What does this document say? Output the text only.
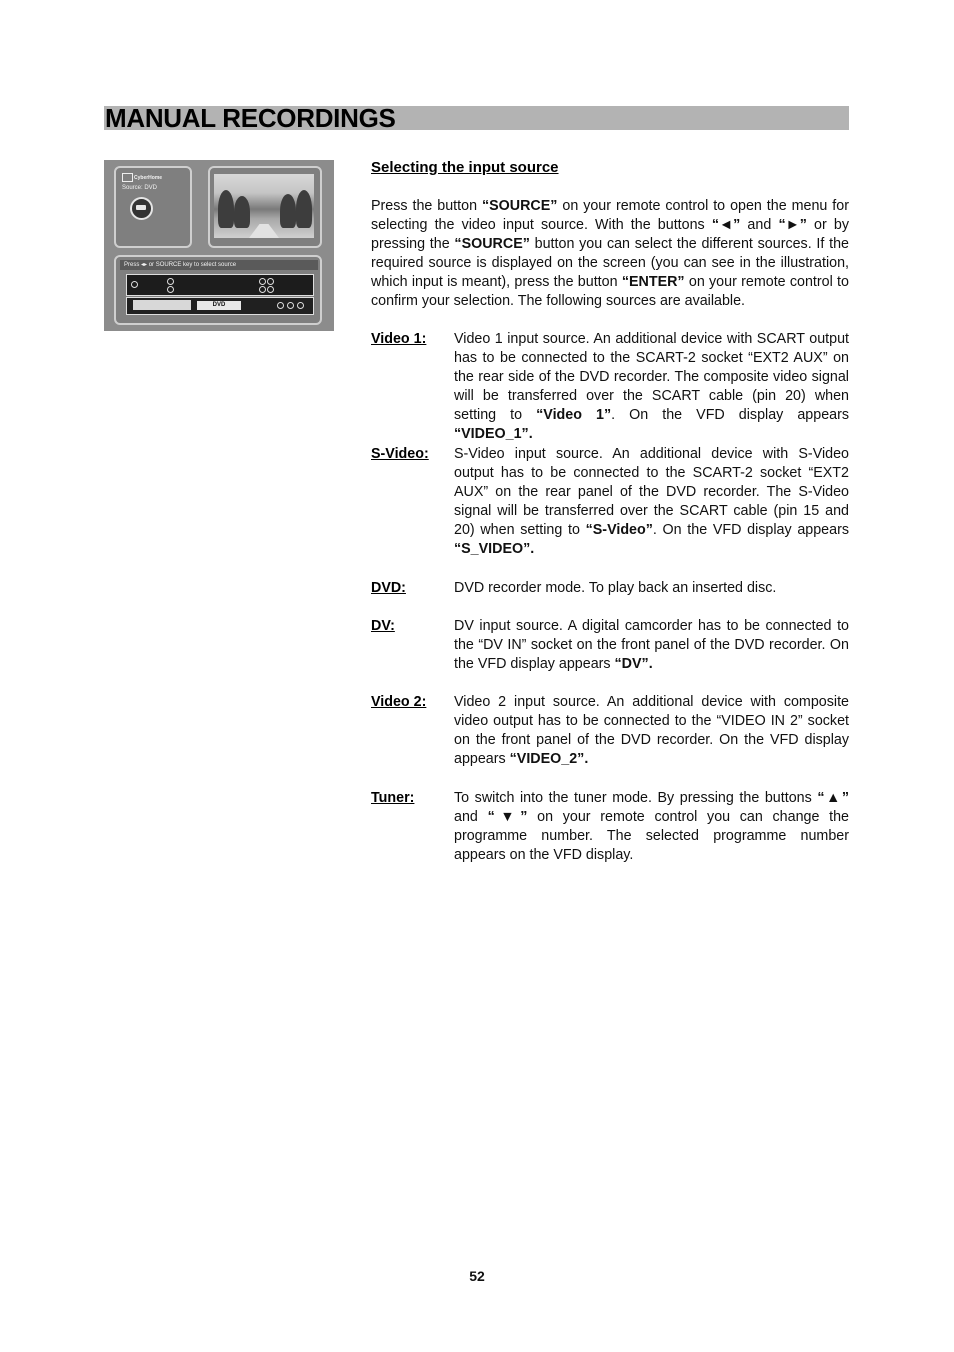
MANUAL RECORDINGS
CyberHome
Source: DVD
Press ◂▸ or SOURCE key to select source
DVD
Selecting the input source
Press the button “SOURCE” on your remote control to open the menu for selecting the video input source. With the buttons “◄” and “►” or by pressing the “SOURCE” button you can select the different sources. If the required source is displayed on the screen (you can see in the illustration, which input is meant), press the button “ENTER” on your remote control to confirm your selection. The following sources are available.
Video 1: Video 1 input source. An additional device with SCART output has to be connected to the SCART-2 socket “EXT2 AUX” on the rear side of the DVD recorder. The composite video signal will be transferred over the SCART cable (pin 20) when setting to “Video 1”. On the VFD display appears “VIDEO_1”.
S-Video: S-Video input source. An additional device with S-Video output has to be connected to the SCART-2 socket “EXT2 AUX” on the rear panel of the DVD recorder. The S-Video signal will be transferred over the SCART cable (pin 15 and 20) when setting to “S-Video”. On the VFD display appears “S_VIDEO”.
DVD:	DVD recorder mode. To play back an inserted disc.
DV:	DV input source. A digital camcorder has to be connected to the “DV IN” socket on the front panel of the DVD recorder. On the VFD display appears “DV”.
Video 2: Video 2 input source. An additional device with composite video output has to be connected to the “VIDEO IN 2” socket on the front panel of the DVD recorder. On the VFD display appears “VIDEO_2”.
Tuner:	To switch into the tuner mode. By pressing the buttons “▲” and “▼” on your remote control you can change the programme number. The selected programme number appears on the VFD display.
52
